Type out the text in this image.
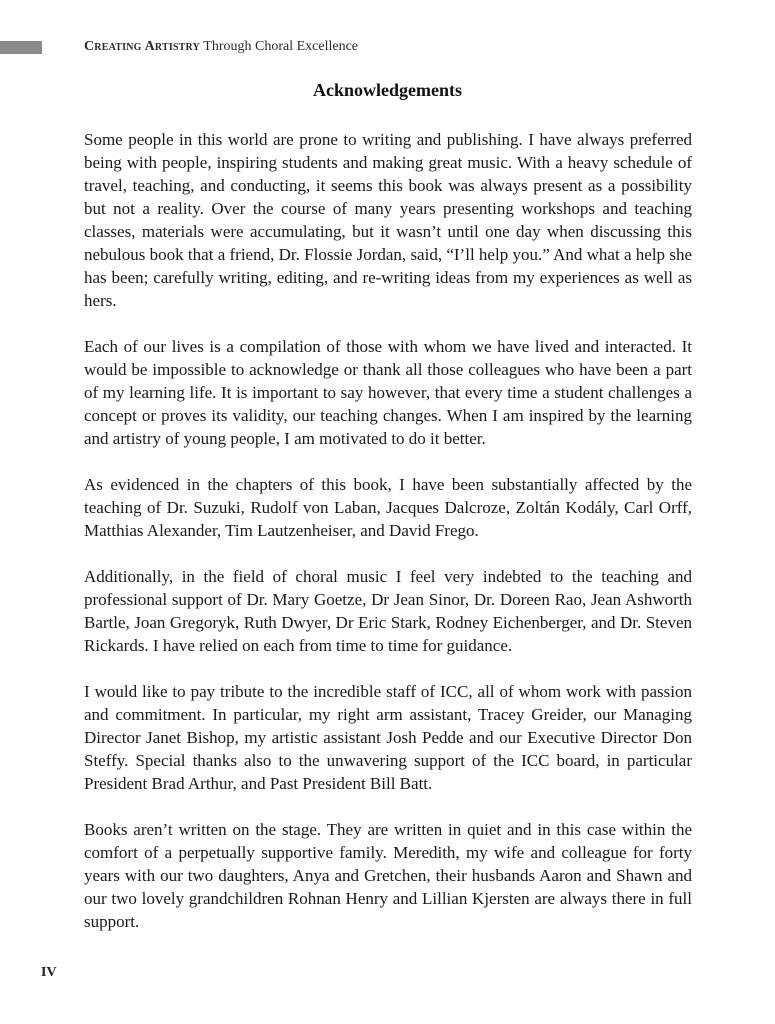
Creating Artistry Through Choral Excellence
Acknowledgements

Some people in this world are prone to writing and publishing. I have always preferred being with people, inspiring students and making great music. With a heavy schedule of travel, teaching, and conducting, it seems this book was always present as a possibility but not a reality. Over the course of many years presenting workshops and teaching classes, materials were accumulating, but it wasn’t until one day when discussing this nebulous book that a friend, Dr. Flossie Jordan, said, “I’ll help you.” And what a help she has been; carefully writing, editing, and re-writing ideas from my experiences as well as hers.

Each of our lives is a compilation of those with whom we have lived and interacted. It would be impossible to acknowledge or thank all those colleagues who have been a part of my learning life. It is important to say however, that every time a student challenges a concept or proves its validity, our teaching changes. When I am inspired by the learning and artistry of young people, I am motivated to do it better.

As evidenced in the chapters of this book, I have been substantially affected by the teaching of Dr. Suzuki, Rudolf von Laban, Jacques Dalcroze, Zoltán Kodály, Carl Orff, Matthias Alexander, Tim Lautzenheiser, and David Frego.

Additionally, in the field of choral music I feel very indebted to the teaching and professional support of Dr. Mary Goetze, Dr Jean Sinor, Dr. Doreen Rao, Jean Ashworth Bartle, Joan Gregoryk, Ruth Dwyer, Dr Eric Stark, Rodney Eichenberger, and Dr. Steven Rickards. I have relied on each from time to time for guidance.

I would like to pay tribute to the incredible staff of ICC, all of whom work with passion and commitment. In particular, my right arm assistant, Tracey Greider, our Managing Director Janet Bishop, my artistic assistant Josh Pedde and our Executive Director Don Steffy. Special thanks also to the unwavering support of the ICC board, in particular President Brad Arthur, and Past President Bill Batt.

Books aren’t written on the stage. They are written in quiet and in this case within the comfort of a perpetually supportive family. Meredith, my wife and colleague for forty years with our two daughters, Anya and Gretchen, their husbands Aaron and Shawn and our two lovely grandchildren Rohnan Henry and Lillian Kjersten are always there in full support.

IV
